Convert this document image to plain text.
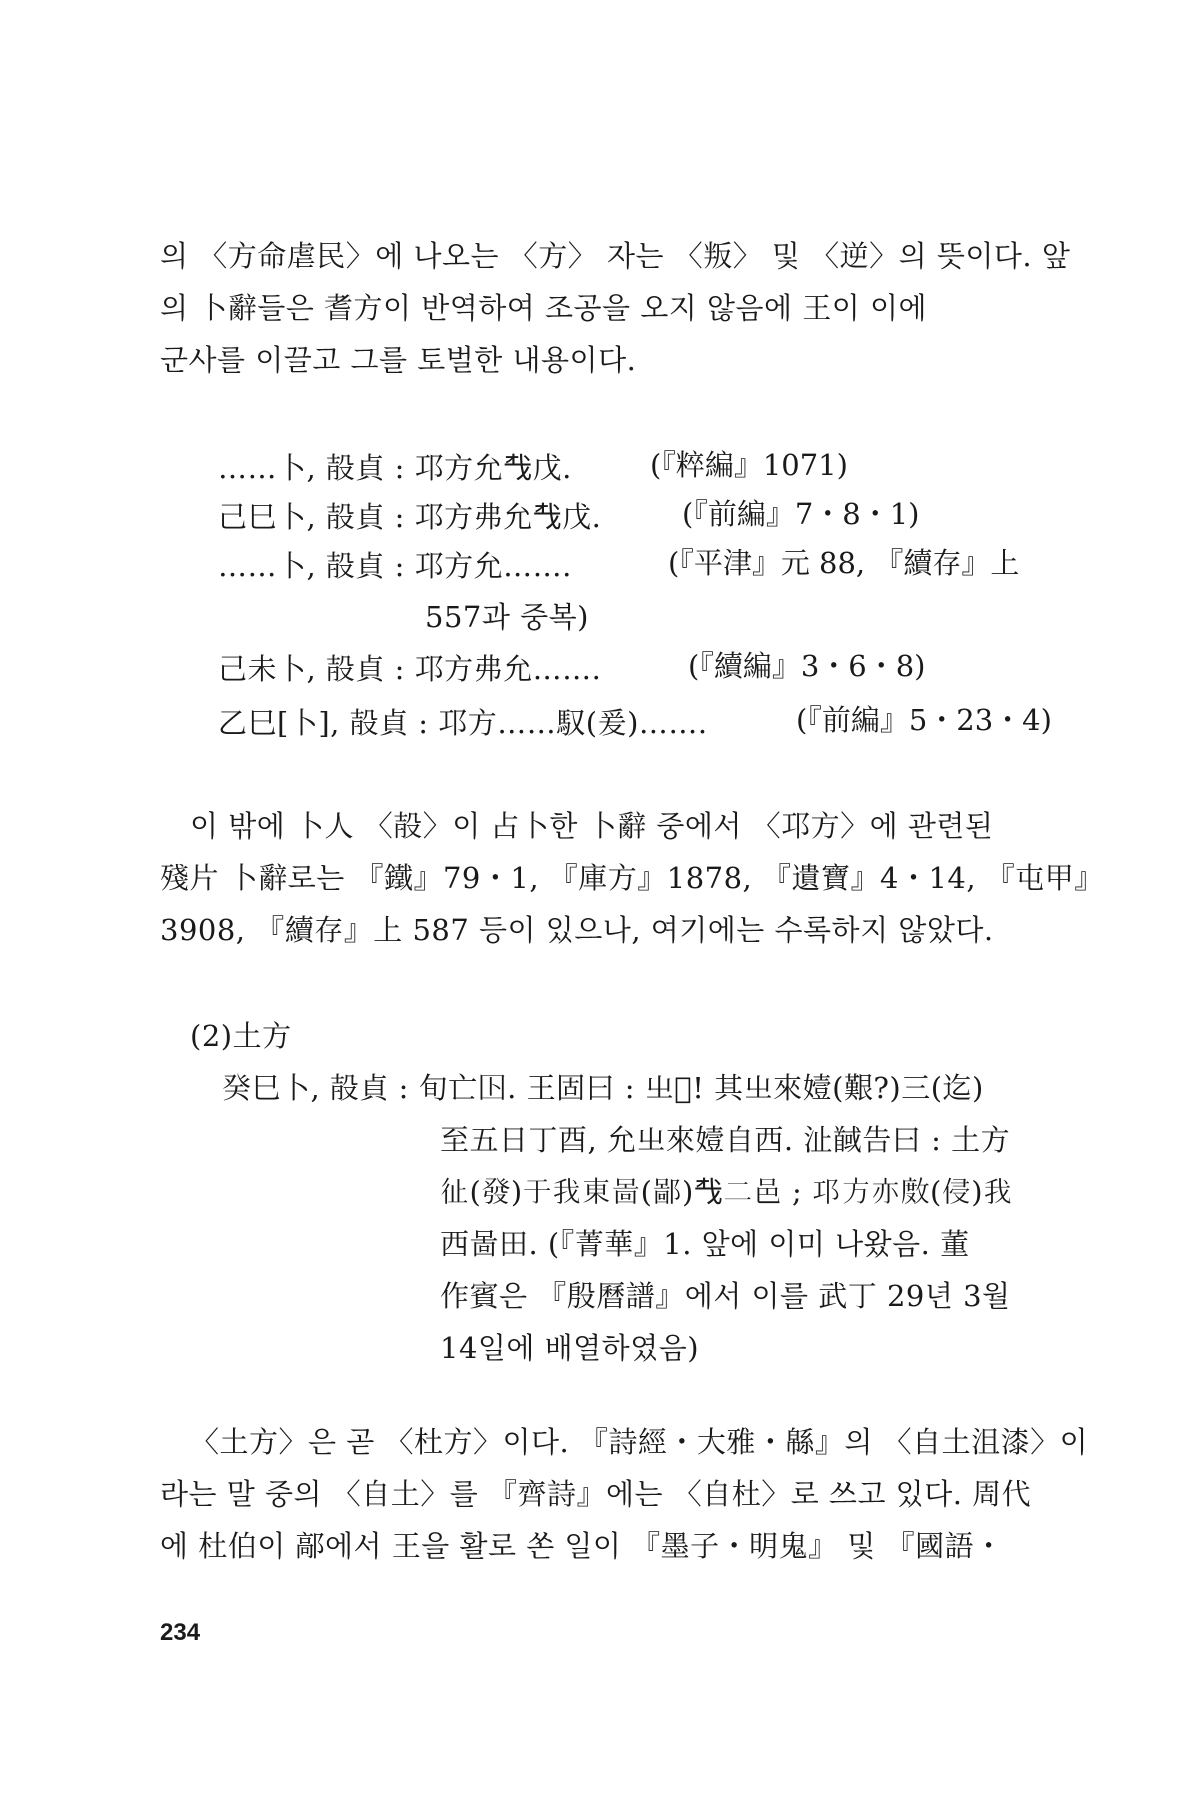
의 〈方命虐民〉에 나오는 〈方〉 자는 〈叛〉 및 〈逆〉의 뜻이다. 앞
의 卜辭들은 耆方이 반역하여 조공을 오지 않음에 王이 이에
군사를 이끌고 그를 토벌한 내용이다.
……卜, 㱿貞 : 邛方允𢦔戊.	(『粹編』1071)
己巳卜, 㱿貞 : 邛方弗允𢦔戊.	(『前編』7・8・1)
……卜, 㱿貞 : 邛方允…….	(『平津』元 88, 『續存』上
557과 중복)
己未卜, 㱿貞 : 邛方弗允…….	(『續編』3・6・8)
乙巳[卜], 㱿貞 : 邛方……馭(爰)…….	(『前編』5・23・4)
이 밖에 卜人 〈㱿〉이 占卜한 卜辭 중에서 〈邛方〉에 관련된
殘片 卜辭로는 『鐵』79・1, 『庫方』1878, 『遺寶』4・14, 『屯甲』
3908, 『續存』上 587 등이 있으나, 여기에는 수록하지 않았다.
(2)土方
癸巳卜, 㱿貞 : 旬亡𡆥. 王固曰 : 㞢𥃀! 其㞢來嬄(艱?)三(迄)
至五日丁酉, 允㞢來嬄自西. 沚馘告曰 : 土方
𢓊(發)于我東啚(鄙)𢦔二邑 ; 邛方亦𢾅(侵)我
西啚田. (『菁華』1. 앞에 이미 나왔음. 董
作賓은 『殷曆譜』에서 이를 武丁 29년 3월
14일에 배열하였음)
〈土方〉은 곧 〈杜方〉이다. 『詩經・大雅・緜』의 〈自土沮漆〉이
라는 말 중의 〈自土〉를 『齊詩』에는 〈自杜〉로 쓰고 있다. 周代
에 杜伯이 鄗에서 王을 활로 쏜 일이 『墨子・明鬼』 및 『國語・
234
